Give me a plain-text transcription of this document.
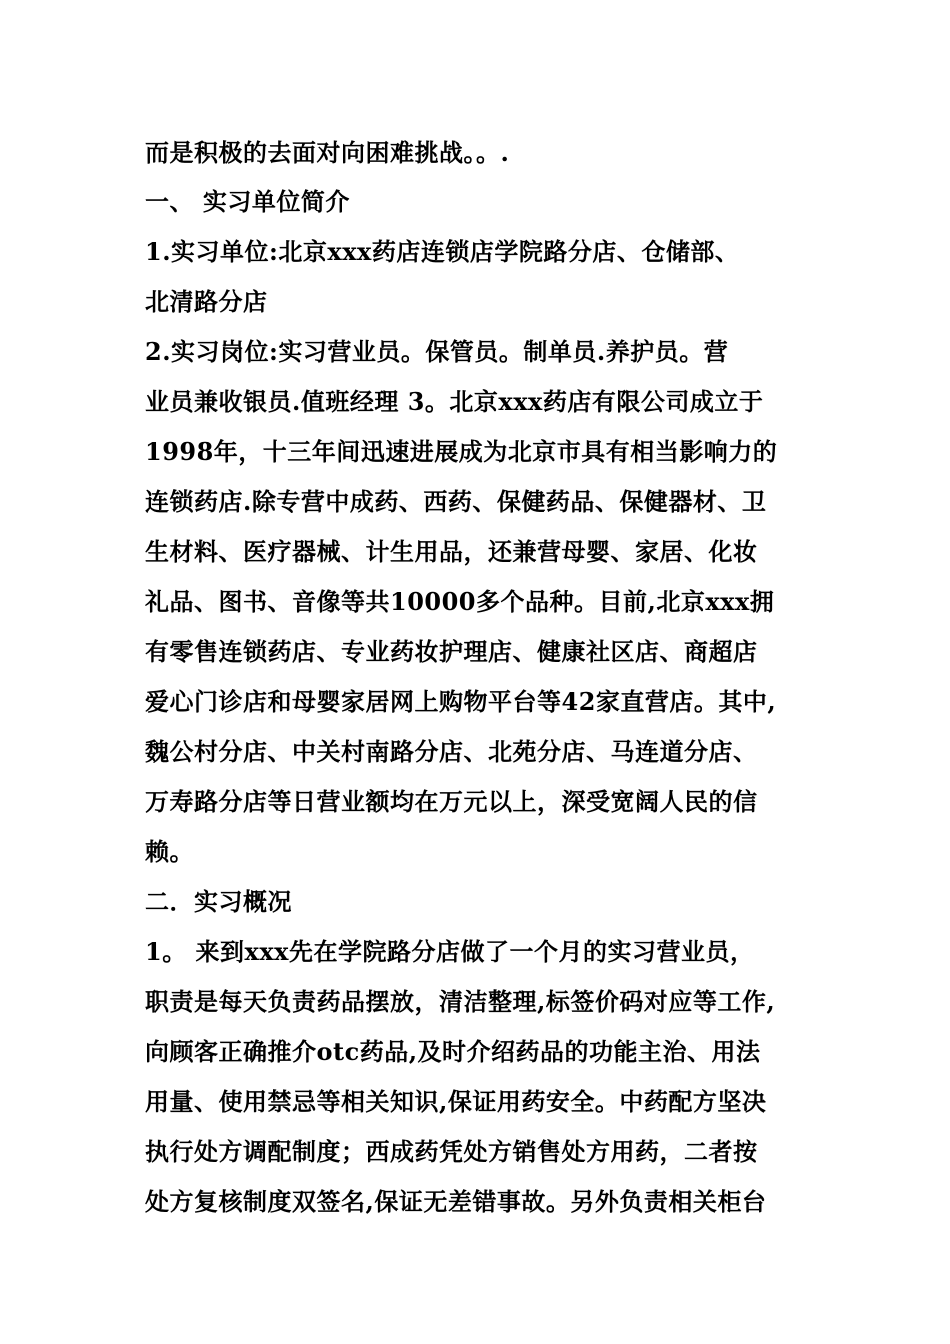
而是积极的去面对向困难挑战。。.
一、 实习单位简介
1.实习单位:北京xxx药店连锁店学院路分店、仓储部、
北清路分店
2.实习岗位:实习营业员。保管员。制单员.养护员。营
业员兼收银员.值班经理 3。北京xxx药店有限公司成立于
1998年，十三年间迅速进展成为北京市具有相当影响力的
连锁药店.除专营中成药、西药、保健药品、保健器材、卫
生材料、医疗器械、计生用品，还兼营母婴、家居、化妆
礼品、图书、音像等共10000多个品种。目前,北京xxx拥
有零售连锁药店、专业药妆护理店、健康社区店、商超店
爱心门诊店和母婴家居网上购物平台等42家直营店。其中,
魏公村分店、中关村南路分店、北苑分店、马连道分店、
万寿路分店等日营业额均在万元以上，深受宽阔人民的信
赖。
二．实习概况
1。 来到xxx先在学院路分店做了一个月的实习营业员，
职责是每天负责药品摆放，清洁整理,标签价码对应等工作,
向顾客正确推介otc药品,及时介绍药品的功能主治、用法
用量、使用禁忌等相关知识,保证用药安全。中药配方坚决
执行处方调配制度；西成药凭处方销售处方用药，二者按
处方复核制度双签名,保证无差错事故。另外负责相关柜台
